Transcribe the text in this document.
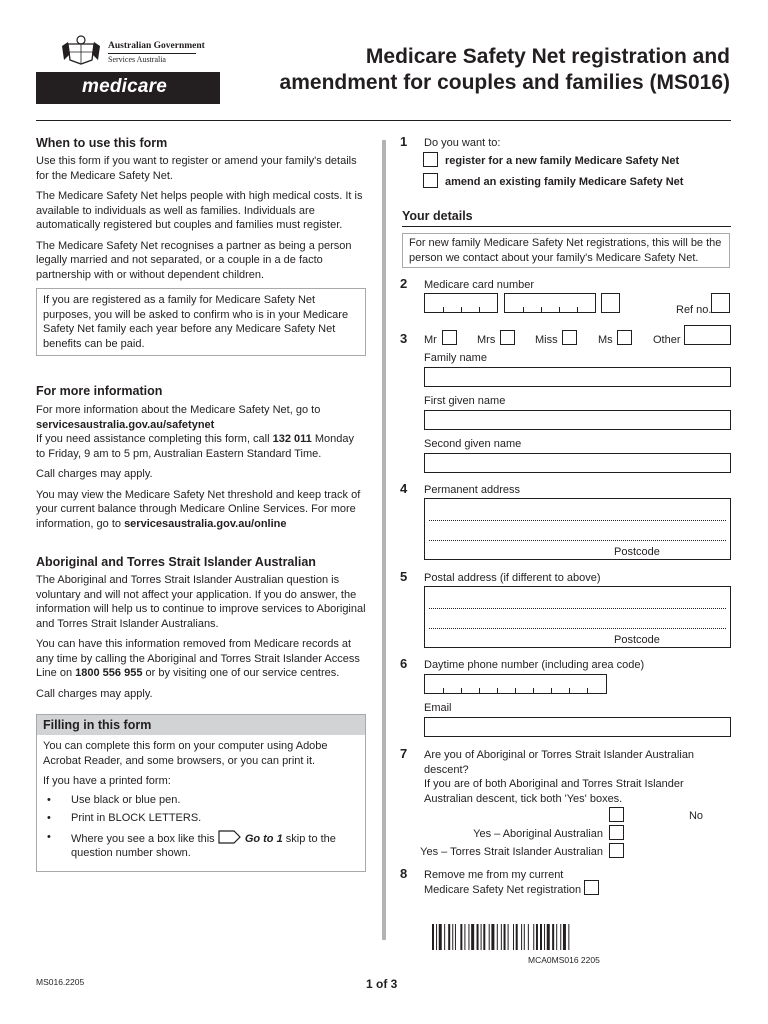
Australian Government
Services Australia
medicare
Medicare Safety Net registration and
amendment for couples and families (MS016)
When to use this form

Use this form if you want to register or amend your family's details for the Medicare Safety Net.

The Medicare Safety Net helps people with high medical costs. It is available to individuals as well as families. Individuals are automatically registered but couples and families must register.

The Medicare Safety Net recognises a partner as being a person legally married and not separated, or a couple in a de facto partnership with or without dependent children.

If you are registered as a family for Medicare Safety Net purposes, you will be asked to confirm who is in your Medicare Safety Net family each year before any Medicare Safety Net benefits can be paid.
For more information

For more information about the Medicare Safety Net, go to
servicesaustralia.gov.au/safetynet
If you need assistance completing this form, call 132 011 Monday to Friday, 9 am to 5 pm, Australian Eastern Standard Time.

Call charges may apply.

You may view the Medicare Safety Net threshold and keep track of your current balance through Medicare Online Services. For more information, go to servicesaustralia.gov.au/online

Aboriginal and Torres Strait Islander Australian

The Aboriginal and Torres Strait Islander Australian question is voluntary and will not affect your application. If you do answer, the information will help us to continue to improve services to Aboriginal and Torres Strait Islander Australians.

You can have this information removed from Medicare records at any time by calling the Aboriginal and Torres Strait Islander Access Line on 1800 556 955 or by visiting one of our service centres.

Call charges may apply.

Filling in this form

You can complete this form on your computer using Adobe Acrobat Reader, and some browsers, or you can print it.

If you have a printed form:

• Use black or blue pen.
• Print in BLOCK LETTERS.
• Where you see a box like this	Go to 1 skip to the question number shown.
1 Do you want to:
register for a new family Medicare Safety Net
amend an existing family Medicare Safety Net
Your details
For new family Medicare Safety Net registrations, this will be the person we contact about your family's Medicare Safety Net.
2 Medicare card number
Ref no.
3 Mr	Mrs	Miss	Ms	Other
Family name
First given name
Second given name
4 Permanent address
Postcode
5 Postal address (if different to above)
Postcode
6 Daytime phone number (including area code)
Email
7 Are you of Aboriginal or Torres Strait Islander Australian descent?
If you are of both Aboriginal and Torres Strait Islander Australian descent, tick both 'Yes' boxes.
No
Yes – Aboriginal Australian
Yes – Torres Strait Islander Australian
8 Remove me from my current
Medicare Safety Net registration
MCA0MS016 2205
MS016.2205	1 of 3
